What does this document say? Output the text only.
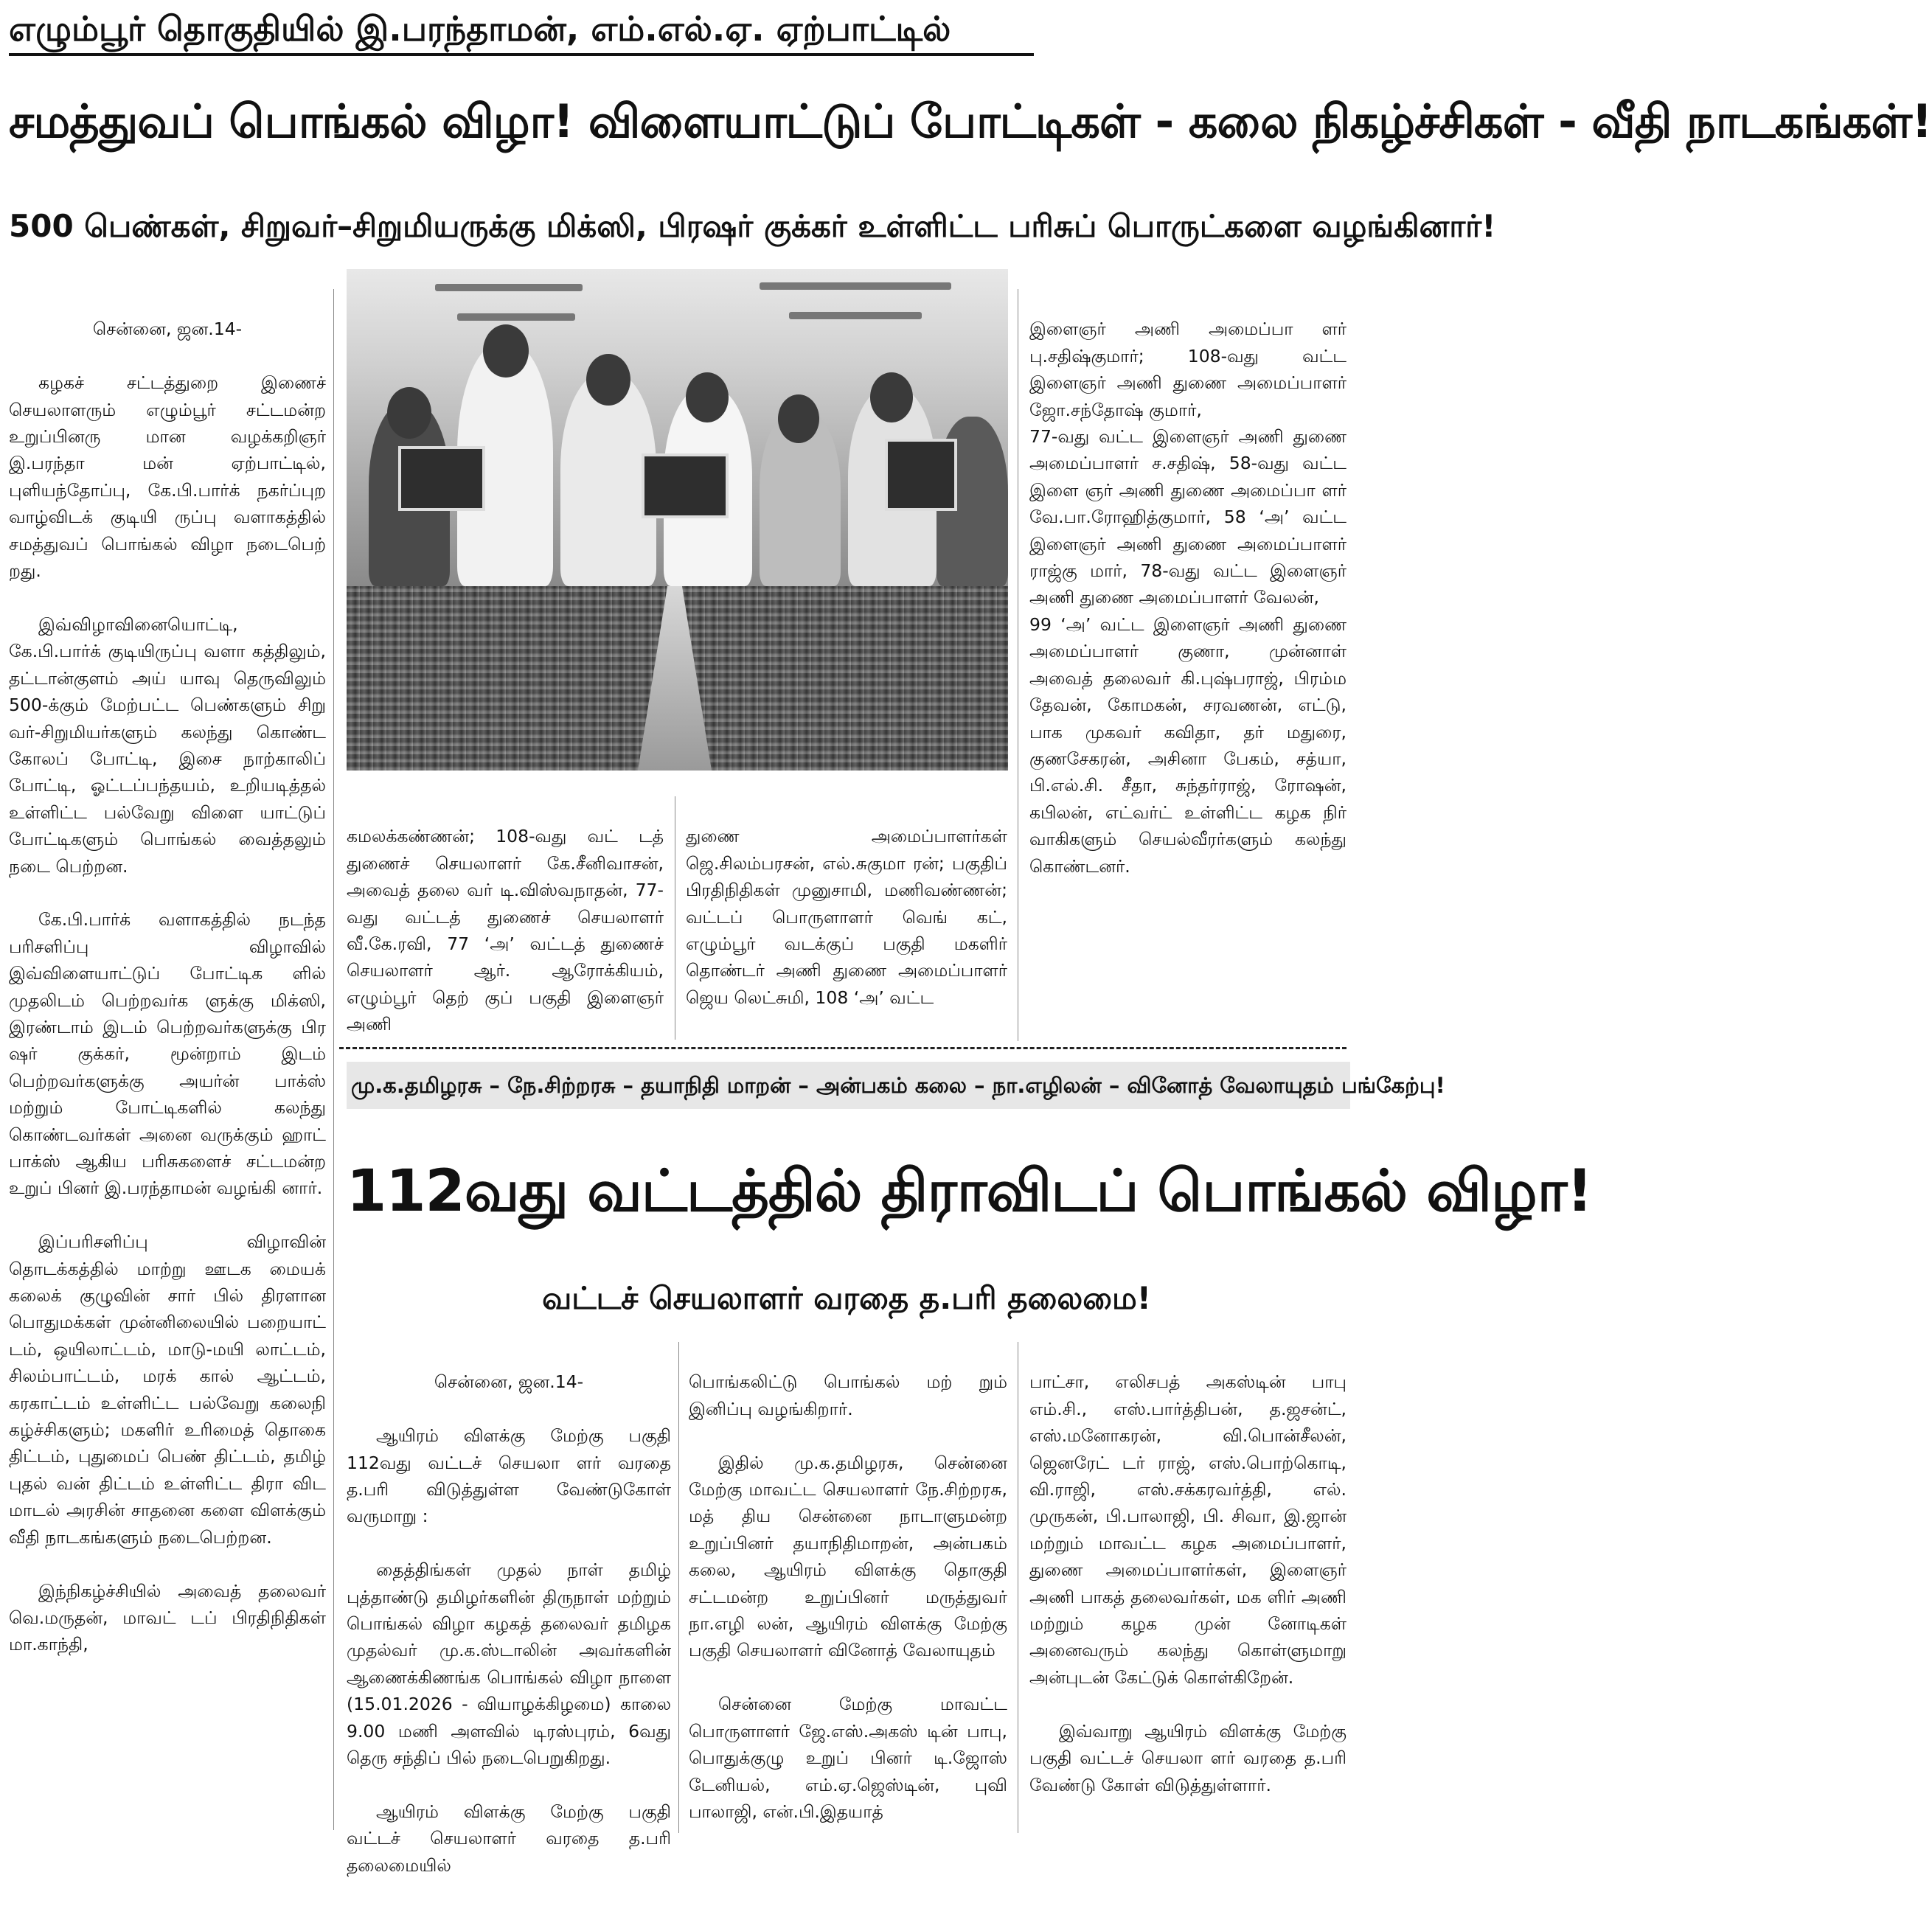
எழும்பூர் தொகுதியில் இ.பரந்தாமன், எம்.எல்.ஏ. ஏற்பாட்டில்
சமத்துவப் பொங்கல் விழா! விளையாட்டுப் போட்டிகள் - கலை நிகழ்ச்சிகள் - வீதி நாடகங்கள்!
500 பெண்கள், சிறுவர்–சிறுமியருக்கு மிக்ஸி, பிரஷர் குக்கர் உள்ளிட்ட பரிசுப் பொருட்களை வழங்கினார்!

சென்னை, ஜன.14-

கழகச் சட்டத்துறை இணைச் செயலாளரும் எழும்பூர் சட்டமன்ற உறுப்பினரு மான வழக்கறிஞர் இ.பரந்தா மன் ஏற்பாட்டில், புளியந்தோப்பு, கே.பி.பார்க் நகர்ப்புற வாழ்விடக் குடியி ருப்பு வளாகத்தில் சமத்துவப் பொங்கல் விழா நடைபெற் றது.

இவ்விழாவினையொட்டி, கே.பி.பார்க் குடியிருப்பு வளா கத்திலும், தட்டான்குளம் அய் யாவு தெருவிலும் 500-க்கும் மேற்பட்ட பெண்களும் சிறு வர்-சிறுமியர்களும் கலந்து கொண்ட கோலப் போட்டி, இசை நாற்காலிப் போட்டி, ஓட்டப்பந்தயம், உறியடித்தல் உள்ளிட்ட பல்வேறு விளை யாட்டுப் போட்டிகளும் பொங்கல் வைத்தலும் நடை பெற்றன.

கே.பி.பார்க் வளாகத்தில் நடந்த பரிசளிப்பு விழாவில் இவ்விளையாட்டுப் போட்டிக ளில் முதலிடம் பெற்றவர்க ளுக்கு மிக்ஸி, இரண்டாம் இடம் பெற்றவர்களுக்கு பிர ஷர் குக்கர், மூன்றாம் இடம் பெற்றவர்களுக்கு அயர்ன் பாக்ஸ் மற்றும் போட்டிகளில் கலந்து கொண்டவர்கள் அனை வருக்கும் ஹாட் பாக்ஸ் ஆகிய பரிசுகளைச் சட்டமன்ற உறுப் பினர் இ.பரந்தாமன் வழங்கி னார்.

இப்பரிசளிப்பு விழாவின் தொடக்கத்தில் மாற்று ஊடக மையக் கலைக் குழுவின் சார் பில் திரளான பொதுமக்கள் முன்னிலையில் பறையாட் டம், ஒயிலாட்டம், மாடு-மயி லாட்டம், சிலம்பாட்டம், மரக் கால் ஆட்டம், கரகாட்டம் உள்ளிட்ட பல்வேறு கலைநி கழ்ச்சிகளும்; மகளிர் உரிமைத் தொகை திட்டம், புதுமைப் பெண் திட்டம், தமிழ் புதல் வன் திட்டம் உள்ளிட்ட திரா விட மாடல் அரசின் சாதனை களை விளக்கும் வீதி நாடகங்களும் நடைபெற்றன.

இந்நிகழ்ச்சியில் அவைத் தலைவர் வெ.மருதன், மாவட் டப் பிரதிநிதிகள் மா.காந்தி,

கமலக்கண்ணன்; 108-வது வட் டத் துணைச் செயலாளர் கே.சீனிவாசன், அவைத் தலை வர் டி.விஸ்வநாதன், 77-வது வட்டத் துணைச் செயலாளர் வீ.கே.ரவி, 77 ‘அ’ வட்டத் துணைச் செயலாளர் ஆர். ஆரோக்கியம், எழும்பூர் தெற் குப் பகுதி இளைஞர் அணி

துணை அமைப்பாளர்கள் ஜெ.சிலம்பரசன், எல்.சுகுமா ரன்; பகுதிப் பிரதிநிதிகள் முனுசாமி, மணிவண்ணன்; வட்டப் பொருளாளர் வெங் கட், எழும்பூர் வடக்குப் பகுதி மகளிர் தொண்டர் அணி துணை அமைப்பாளர் ஜெய லெட்சுமி, 108 ‘அ’ வட்ட

இளைஞர் அணி அமைப்பா ளர் பு.சதிஷ்குமார்; 108-வது வட்ட இளைஞர் அணி துணை அமைப்பாளர் ஜோ.சந்தோஷ் குமார்,
77-வது வட்ட இளைஞர் அணி துணை அமைப்பாளர் ச.சதிஷ், 58-வது வட்ட இளை ஞர் அணி துணை அமைப்பா ளர் வே.பா.ரோஹித்குமார், 58 ‘அ’ வட்ட இளைஞர் அணி துணை அமைப்பாளர் ராஜ்கு மார், 78-வது வட்ட இளைஞர் அணி துணை அமைப்பாளர் வேலன்,
99 ‘அ’ வட்ட இளைஞர் அணி துணை அமைப்பாளர் குணா, முன்னாள் அவைத் தலைவர் கி.புஷ்பராஜ், பிரம்ம தேவன், கோமகன், சரவணன், எட்டு, பாக முகவர் கவிதா, தர் மதுரை, குணசேகரன், அசினா பேகம், சத்யா, பி.எல்.சி. சீதா, சுந்தர்ராஜ், ரோஷன், கபிலன், எட்வர்ட் உள்ளிட்ட கழக நிர் வாகிகளும் செயல்வீரர்களும் கலந்து கொண்டனர்.

மு.க.தமிழரசு – நே.சிற்றரசு – தயாநிதி மாறன் – அன்பகம் கலை – நா.எழிலன் – வினோத் வேலாயுதம் பங்கேற்பு!
112வது வட்டத்தில் திராவிடப் பொங்கல் விழா!
வட்டச் செயலாளர் வரதை த.பரி தலைமை!

சென்னை, ஜன.14-

ஆயிரம் விளக்கு மேற்கு பகுதி 112வது வட்டச் செயலா ளர் வரதை த.பரி விடுத்துள்ள வேண்டுகோள் வருமாறு :

தைத்திங்கள் முதல் நாள் தமிழ் புத்தாண்டு தமிழர்களின் திருநாள் மற்றும் பொங்கல் விழா கழகத் தலைவர் தமிழக முதல்வர் மு.க.ஸ்டாலின் அவர்களின் ஆணைக்கிணங்க பொங்கல் விழா நாளை (15.01.2026 - வியாழக்கிழமை) காலை 9.00 மணி அளவில் டிரஸ்புரம், 6வது தெரு சந்திப் பில் நடைபெறுகிறது.

ஆயிரம் விளக்கு மேற்கு பகுதி வட்டச் செயலாளர் வரதை த.பரி தலைமையில்

பொங்கலிட்டு பொங்கல் மற் றும் இனிப்பு வழங்கிறார்.

இதில் மு.க.தமிழரசு, சென்னை மேற்கு மாவட்ட செயலாளர் நே.சிற்றரசு, மத் திய சென்னை நாடாளுமன்ற உறுப்பினர் தயாநிதிமாறன், அன்பகம் கலை, ஆயிரம் விளக்கு தொகுதி சட்டமன்ற உறுப்பினர் மருத்துவர் நா.எழி லன், ஆயிரம் விளக்கு மேற்கு பகுதி செயலாளர் வினோத் வேலாயுதம்

சென்னை மேற்கு மாவட்ட பொருளாளர் ஜே.எஸ்.அகஸ் டின் பாபு, பொதுக்குழு உறுப் பினர் டி.ஜோஸ் டேனியல், எம்.ஏ.ஜெஸ்டின், புவி பாலாஜி, என்.பி.இதயாத்

பாட்சா, எலிசபத் அகஸ்டின் பாபு எம்.சி., எஸ்.பார்த்திபன், த.ஜசன்ட், எஸ்.மனோகரன், வி.பொன்சீலன், ஜெனரேட் டர் ராஜ், எஸ்.பொற்கொடி, வி.ராஜி, எஸ்.சக்கரவர்த்தி, எல். முருகன், பி.பாலாஜி, பி. சிவா, இ.ஜான் மற்றும் மாவட்ட கழக அமைப்பாளர், துணை அமைப்பாளர்கள், இளைஞர் அணி பாகத் தலைவர்கள், மக ளிர் அணி மற்றும் கழக முன் னோடிகள் அனைவரும் கலந்து கொள்ளுமாறு அன்புடன் கேட்டுக் கொள்கிறேன்.

இவ்வாறு ஆயிரம் விளக்கு மேற்கு பகுதி வட்டச் செயலா ளர் வரதை த.பரி வேண்டு கோள் விடுத்துள்ளார்.
